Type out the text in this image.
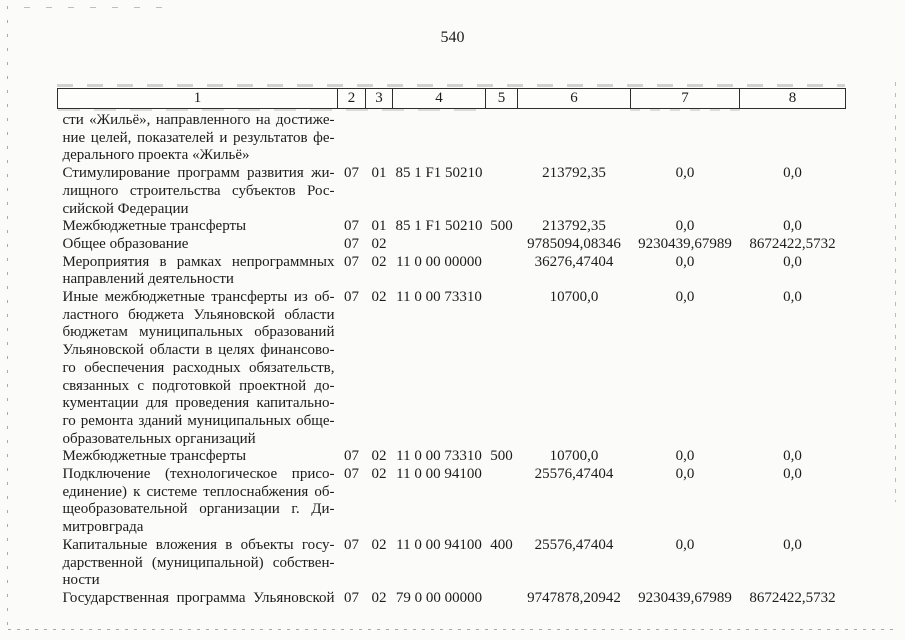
540
1	2	3	4	5	6	7	8

сти «Жильё», направленного на достиже-
ние целей, показателей и результатов фе-
дерального проекта «Жильё»							

Стимулирование программ развития жи-
лищного строительства субъектов Рос-
сийской Федерации	07	01	85 1 F1 50210		213792,35	0,0	0,0

Межбюджетные трансферты	07	01	85 1 F1 50210	500	213792,35	0,0	0,0

Общее образование	07	02			9785094,08346	9230439,67989	8672422,5732

Мероприятия в рамках непрограммных
направлений деятельности	07	02	11 0 00 00000		36276,47404	0,0	0,0

Иные межбюджетные трансферты из об-
ластного бюджета Ульяновской области
бюджетам муниципальных образований
Ульяновской области в целях финансово-
го обеспечения расходных обязательств,
связанных с подготовкой проектной до-
кументации для проведения капитально-
го ремонта зданий муниципальных обще-
образовательных организаций
	07	02	11 0 00 73310		10700,0	0,0	0,0

Межбюджетные трансферты	07	02	11 0 00 73310	500	10700,0	0,0	0,0

Подключение (технологическое присо-
единение) к системе теплоснабжения об-
щеобразовательной организации г. Ди-
митровграда	07	02	11 0 00 94100		25576,47404	0,0	0,0

Капитальные вложения в объекты госу-
дарственной (муниципальной) собствен-
ности	07	02	11 0 00 94100	400	25576,47404	0,0	0,0

Государственная программа Ульяновской	07	02	79 0 00 00000		9747878,20942	9230439,67989	8672422,5732
